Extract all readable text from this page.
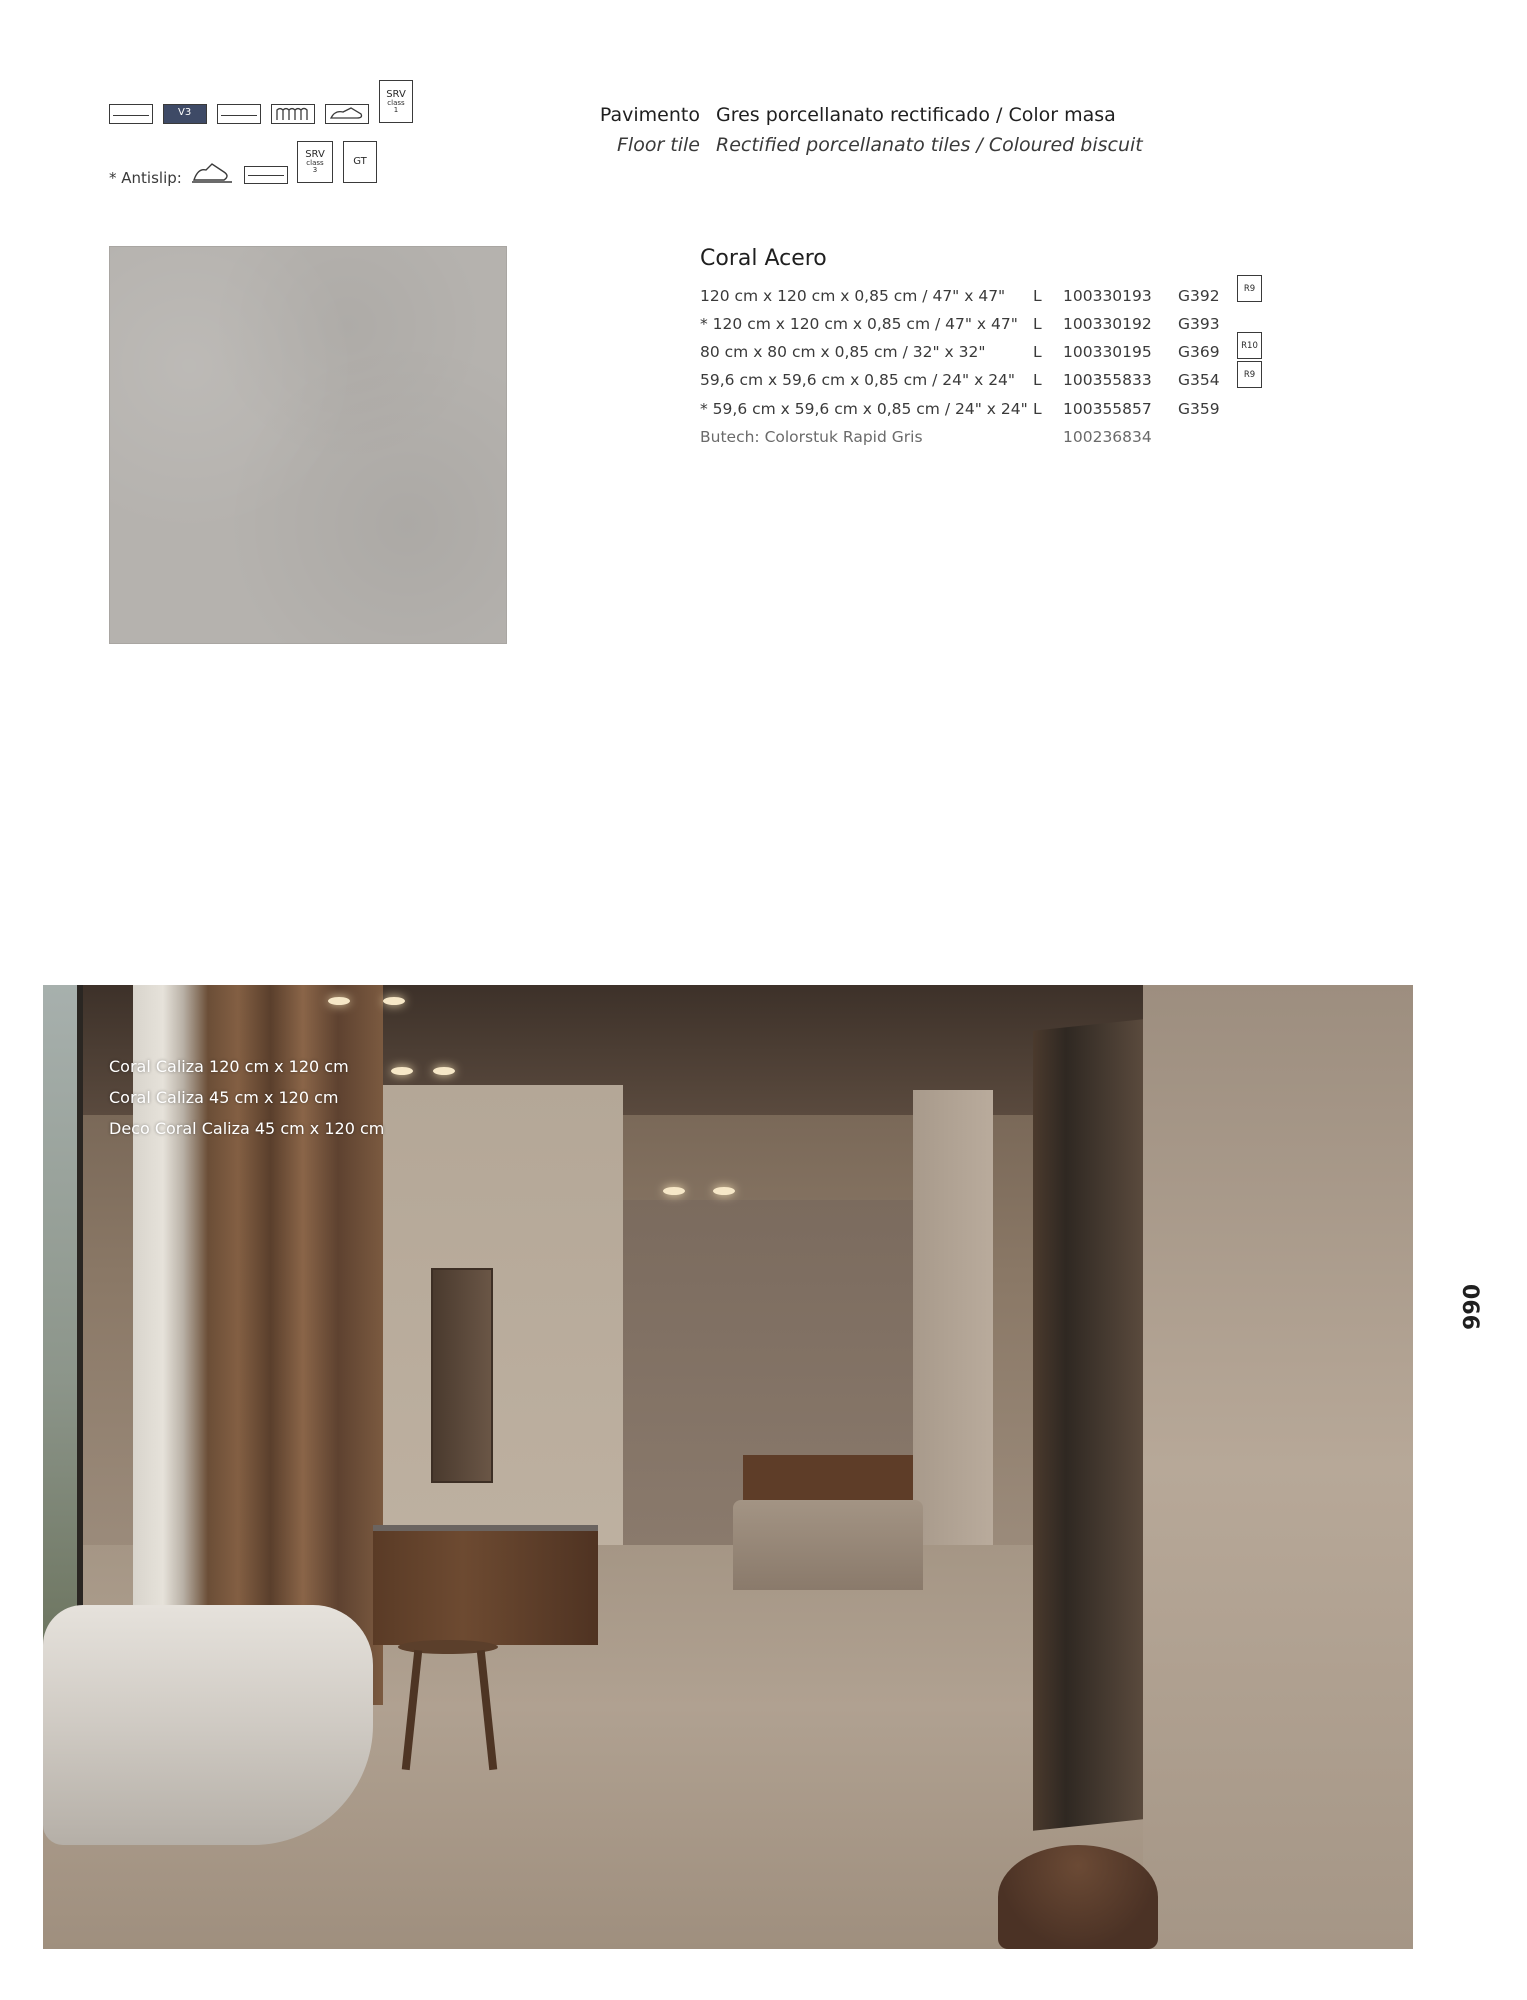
V3
SRV
class
1
* Antislip:
SRV
class
3
GT
Pavimento Gres porcellanato rectificado / Color masa
Floor tile Rectified porcellanato tiles / Coloured biscuit
Coral Acero
120 cm x 120 cm x 0,85 cm / 47" x 47" L 100330193 G392
* 120 cm x 120 cm x 0,85 cm / 47" x 47" L 100330192 G393
80 cm x 80 cm x 0,85 cm / 32" x 32"	L 100330195 G369
59,6 cm x 59,6 cm x 0,85 cm / 24" x 24" L 100355833 G354
* 59,6 cm x 59,6 cm x 0,85 cm / 24" x 24" L 100355857 G359
Butech: Colorstuk Rapid Gris	100236834
R9
R10
R9
Coral Caliza 120 cm x 120 cm
Coral Caliza 45 cm x 120 cm
Deco Coral Caliza 45 cm x 120 cm
066
